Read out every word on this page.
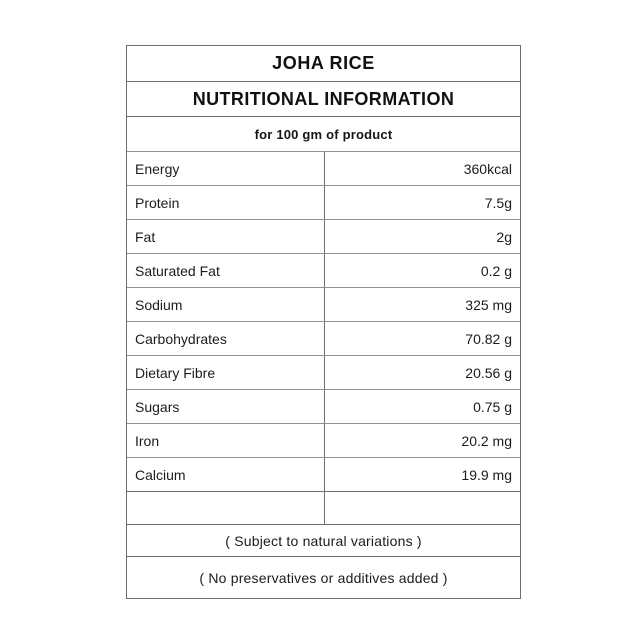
JOHA RICE
NUTRITIONAL INFORMATION
for 100 gm of product
Energy	360kcal
Protein	7.5g
Fat	2g
Saturated Fat	0.2 g
Sodium	325 mg
Carbohydrates	70.82 g
Dietary Fibre	20.56 g
Sugars	0.75 g
Iron	20.2 mg
Calcium	19.9 mg
( Subject to natural variations )
( No preservatives or additives added )
